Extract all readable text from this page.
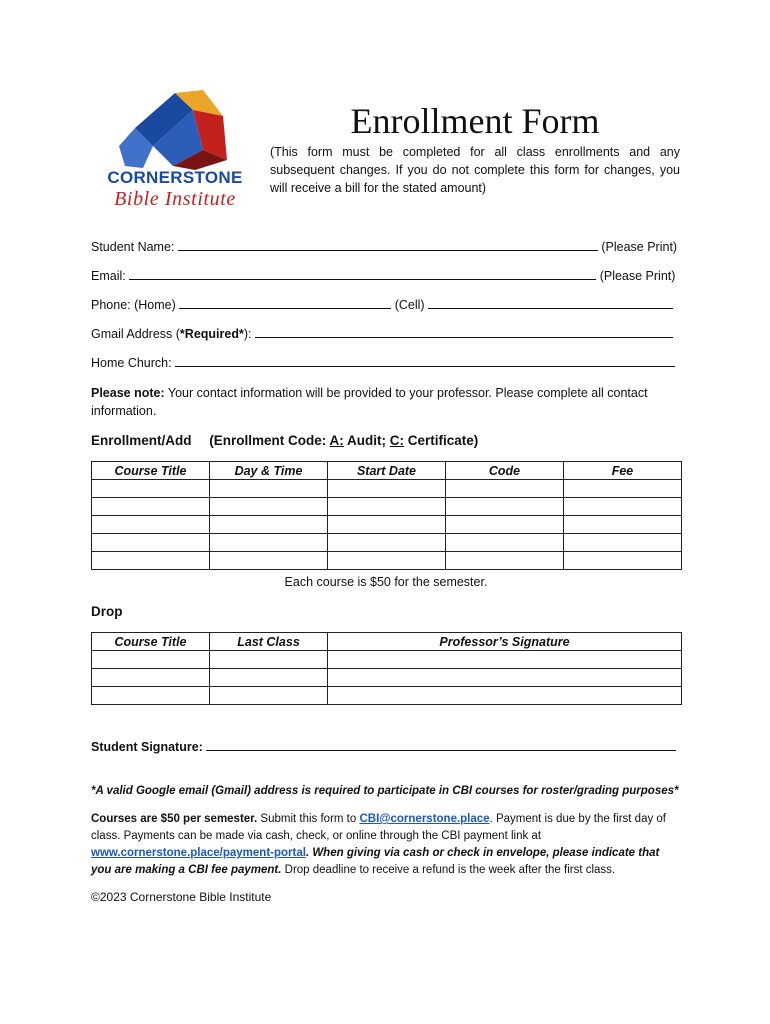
CORNERSTONE
Bible Institute
Enrollment Form
(This form must be completed for all class enrollments and any subsequent changes. If you do not complete this form for changes, you will receive a bill for the stated amount)
Student Name:	(Please Print)
Email:	(Please Print)
Phone: (Home)	(Cell)
Gmail Address (*Required*):
Home Church:
Please note: Your contact information will be provided to your professor. Please complete all contact information.
Enrollment/Add (Enrollment Code: A: Audit; C: Certificate)
Course Title	Day & Time	Start Date	Code	Fee

Each course is $50 for the semester.
Drop
Course Title	Last Class	Professor’s Signature

Student Signature:
*A valid Google email (Gmail) address is required to participate in CBI courses for roster/grading purposes*
Courses are $50 per semester. Submit this form to CBI@cornerstone.place. Payment is due by the first day of class. Payments can be made via cash, check, or online through the CBI payment link at www.cornerstone.place/payment-portal. When giving via cash or check in envelope, please indicate that you are making a CBI fee payment. Drop deadline to receive a refund is the week after the first class.
©2023 Cornerstone Bible Institute
